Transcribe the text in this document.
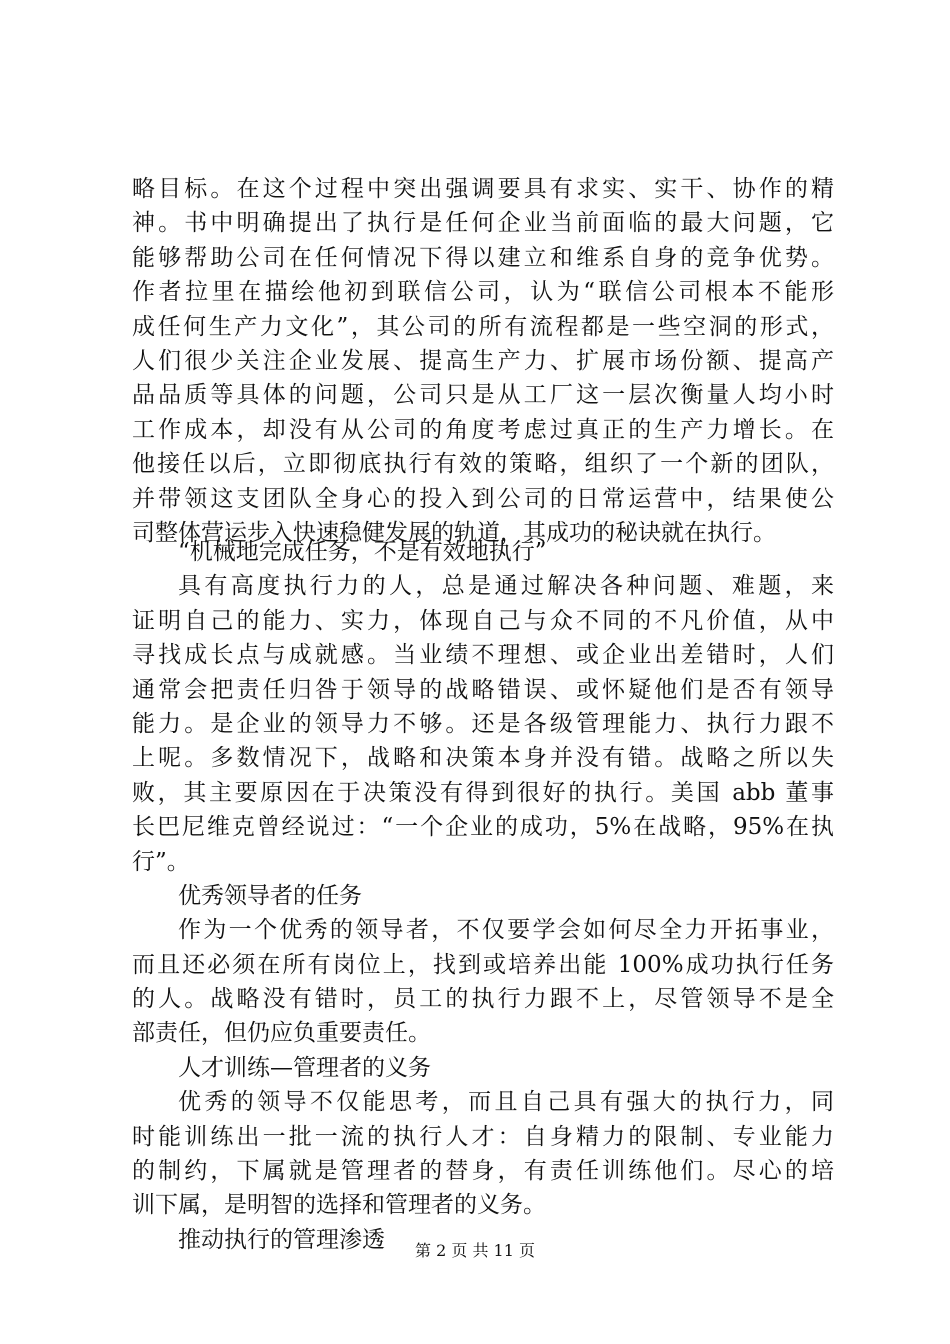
略目标。在这个过程中突出强调要具有求实、实干、协作的精
神。书中明确提出了执行是任何企业当前面临的最大问题，它
能够帮助公司在任何情况下得以建立和维系自身的竞争优势。
作者拉里在描绘他初到联信公司，认为“联信公司根本不能形
成任何生产力文化”，其公司的所有流程都是一些空洞的形式，
人们很少关注企业发展、提高生产力、扩展市场份额、提高产
品品质等具体的问题，公司只是从工厂这一层次衡量人均小时
工作成本，却没有从公司的角度考虑过真正的生产力增长。在
他接任以后，立即彻底执行有效的策略，组织了一个新的团队，
并带领这支团队全身心的投入到公司的日常运营中，结果使公
司整体营运步入快速稳健发展的轨道，其成功的秘诀就在执行。
“机械地完成任务，不是有效地执行”
具有高度执行力的人，总是通过解决各种问题、难题，来
证明自己的能力、实力，体现自己与众不同的不凡价值，从中
寻找成长点与成就感。当业绩不理想、或企业出差错时，人们
通常会把责任归咎于领导的战略错误、或怀疑他们是否有领导
能力。是企业的领导力不够。还是各级管理能力、执行力跟不
上呢。多数情况下，战略和决策本身并没有错。战略之所以失
败，其主要原因在于决策没有得到很好的执行。美国 abb 董事
长巴尼维克曾经说过：“一个企业的成功，5%在战略，95%在执
行”。
优秀领导者的任务
作为一个优秀的领导者，不仅要学会如何尽全力开拓事业，
而且还必须在所有岗位上，找到或培养出能 100%成功执行任务
的人。战略没有错时，员工的执行力跟不上，尽管领导不是全
部责任，但仍应负重要责任。
人才训练—管理者的义务
优秀的领导不仅能思考，而且自己具有强大的执行力，同
时能训练出一批一流的执行人才：自身精力的限制、专业能力
的制约，下属就是管理者的替身，有责任训练他们。尽心的培
训下属，是明智的选择和管理者的义务。
推动执行的管理渗透	第 2 页 共 11 页
